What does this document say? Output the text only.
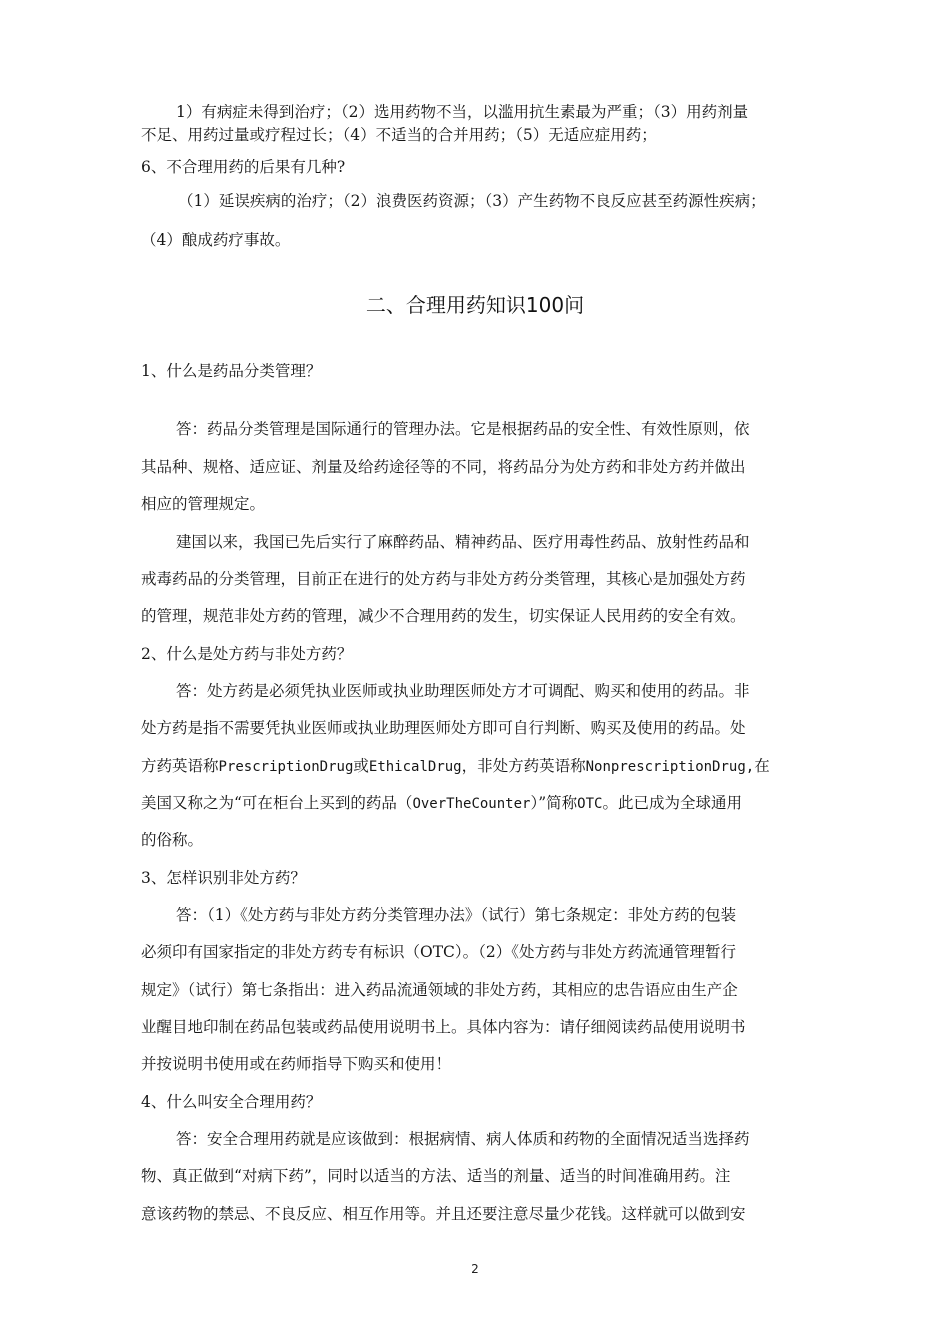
1）有病症未得到治疗；（2）选用药物不当，以滥用抗生素最为严重；（3）用药剂量
不足、用药过量或疗程过长；（4）不适当的合并用药；（5）无适应症用药；
6、不合理用药的后果有几种?
（1）延误疾病的治疗；（2）浪费医药资源；（3）产生药物不良反应甚至药源性疾病；
（4）酿成药疗事故。
二、合理用药知识100问
1、什么是药品分类管理？
答：药品分类管理是国际通行的管理办法。它是根据药品的安全性、有效性原则，依
其品种、规格、适应证、剂量及给药途径等的不同，将药品分为处方药和非处方药并做出
相应的管理规定。
建国以来，我国已先后实行了麻醉药品、精神药品、医疗用毒性药品、放射性药品和
戒毒药品的分类管理，目前正在进行的处方药与非处方药分类管理，其核心是加强处方药
的管理，规范非处方药的管理，减少不合理用药的发生，切实保证人民用药的安全有效。
2、什么是处方药与非处方药？
答：处方药是必须凭执业医师或执业助理医师处方才可调配、购买和使用的药品。非
处方药是指不需要凭执业医师或执业助理医师处方即可自行判断、购买及使用的药品。处
方药英语称PrescriptionDrug或EthicalDrug，非处方药英语称NonprescriptionDrug,在
美国又称之为“可在柜台上买到的药品（OverTheCounter）”简称OTC。此已成为全球通用
的俗称。
3、怎样识别非处方药？
答：（1）《处方药与非处方药分类管理办法》（试行）第七条规定：非处方药的包装
必须印有国家指定的非处方药专有标识（OTC）。（2）《处方药与非处方药流通管理暂行
规定》（试行）第七条指出：进入药品流通领域的非处方药，其相应的忠告语应由生产企
业醒目地印制在药品包装或药品使用说明书上。具体内容为：请仔细阅读药品使用说明书
并按说明书使用或在药师指导下购买和使用！
4、什么叫安全合理用药？
答：安全合理用药就是应该做到：根据病情、病人体质和药物的全面情况适当选择药
物、真正做到“对病下药”，同时以适当的方法、适当的剂量、适当的时间准确用药。注
意该药物的禁忌、不良反应、相互作用等。并且还要注意尽量少花钱。这样就可以做到安
2
